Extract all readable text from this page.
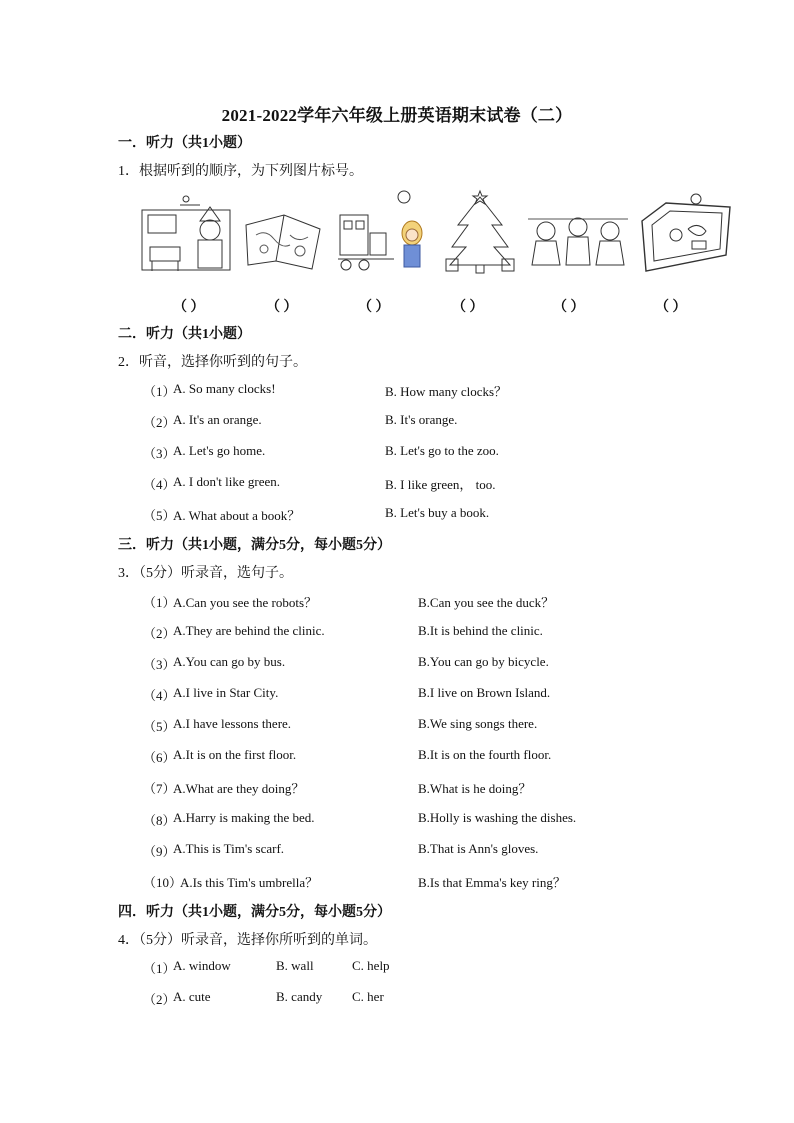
2021-2022学年六年级上册英语期末试卷（二）
一．听力（共1小题）
1．根据听到的顺序，为下列图片标号。
（ ）	（ ）	（ ）	（ ）	（ ）	（ ）
二．听力（共1小题）
2．听音，选择你听到的句子。
（1）
A. So many clocks!	B. How many clocks？
（2）
A. It's an orange.	B. It's orange.
（3）
A. Let's go home.	B. Let's go to the zoo.
（4）
A. I don't like green.	B. I like green， too.
（5）
A. What about a book？	B. Let's buy a book.
三．听力（共1小题，满分5分，每小题5分）
3．（5分）听录音，选句子。
（1）
A.Can you see the robots？	B.Can you see the duck？
（2）
A.They are behind the clinic.	B.It is behind the clinic.
（3）
A.You can go by bus.	B.You can go by bicycle.
（4）
A.I live in Star City.	B.I live on Brown Island.
（5）
A.I have lessons there.	B.We sing songs there.
（6）
A.It is on the first floor.	B.It is on the fourth floor.
（7）
A.What are they doing？	B.What is he doing？
（8）
A.Harry is making the bed.	B.Holly is washing the dishes.
（9）
A.This is Tim's scarf.	B.That is Ann's gloves.
（10）
A.Is this Tim's umbrella？	B.Is that Emma's key ring？
四．听力（共1小题，满分5分，每小题5分）
4．（5分）听录音，选择你所听到的单词。
（1）
A. window	B. wall	C. help
（2）
A. cute	B. candy C. her
